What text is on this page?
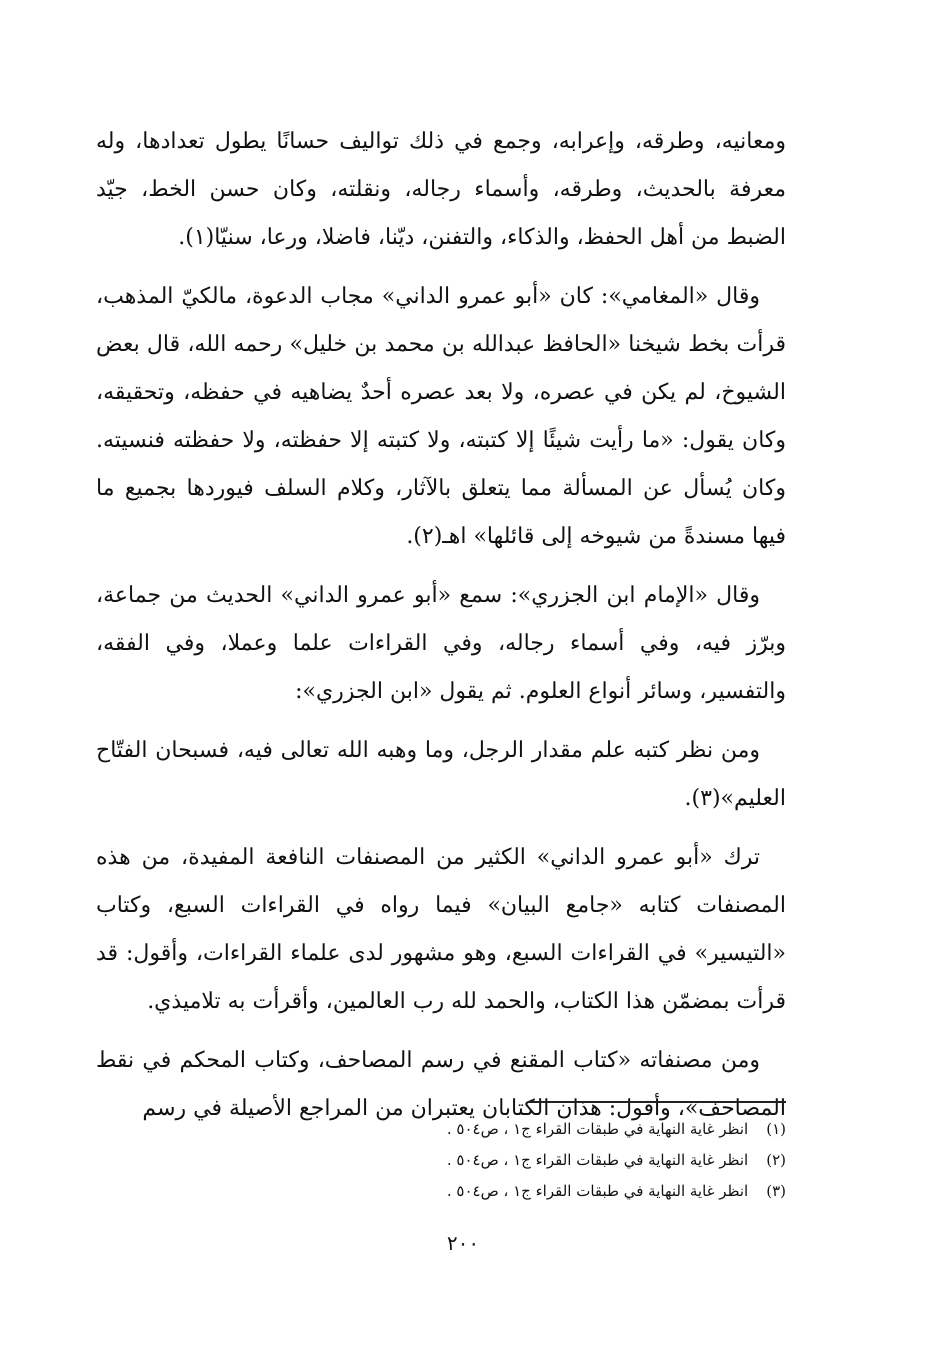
ومعانيه، وطرقه، وإعرابه، وجمع في ذلك تواليف حسانًا يطول تعدادها، وله معرفة بالحديث، وطرقه، وأسماء رجاله، ونقلته، وكان حسن الخط، جيّد الضبط من أهل الحفظ، والذكاء، والتفنن، ديّنا، فاضلا، ورعا، سنيّا(١).

وقال «المغامي»: كان «أبو عمرو الداني» مجاب الدعوة، مالكيّ المذهب، قرأت بخط شيخنا «الحافظ عبدالله بن محمد بن خليل» رحمه الله، قال بعض الشيوخ، لم يكن في عصره، ولا بعد عصره أحدٌ يضاهيه في حفظه، وتحقيقه، وكان يقول: «ما رأيت شيئًا إلا كتبته، ولا كتبته إلا حفظته، ولا حفظته فنسيته. وكان يُسأل عن المسألة مما يتعلق بالآثار، وكلام السلف فيوردها بجميع ما فيها مسندةً من شيوخه إلى قائلها» اهـ(٢).

وقال «الإمام ابن الجزري»: سمع «أبو عمرو الداني» الحديث من جماعة، وبرّز فيه، وفي أسماء رجاله، وفي القراءات علما وعملا، وفي الفقه، والتفسير، وسائر أنواع العلوم. ثم يقول «ابن الجزري»:

ومن نظر كتبه علم مقدار الرجل، وما وهبه الله تعالى فيه، فسبحان الفتّاح العليم»(٣).

ترك «أبو عمرو الداني» الكثير من المصنفات النافعة المفيدة، من هذه المصنفات كتابه «جامع البيان» فيما رواه في القراءات السبع، وكتاب «التيسير» في القراءات السبع، وهو مشهور لدى علماء القراءات، وأقول: قد قرأت بمضمّن هذا الكتاب، والحمد لله رب العالمين، وأقرأت به تلاميذي.

ومن مصنفاته «كتاب المقنع في رسم المصاحف، وكتاب المحكم في نقط المصاحف»، وأقول: هذان الكتابان يعتبران من المراجع الأصيلة في رسم

(١)انظر غاية النهاية في طبقات القراء ج١ ، ص٥٠٤ .
(٢)انظر غاية النهاية في طبقات القراء ج١ ، ص٥٠٤ .
(٣)انظر غاية النهاية في طبقات القراء ج١ ، ص٥٠٤ .
٢٠٠
